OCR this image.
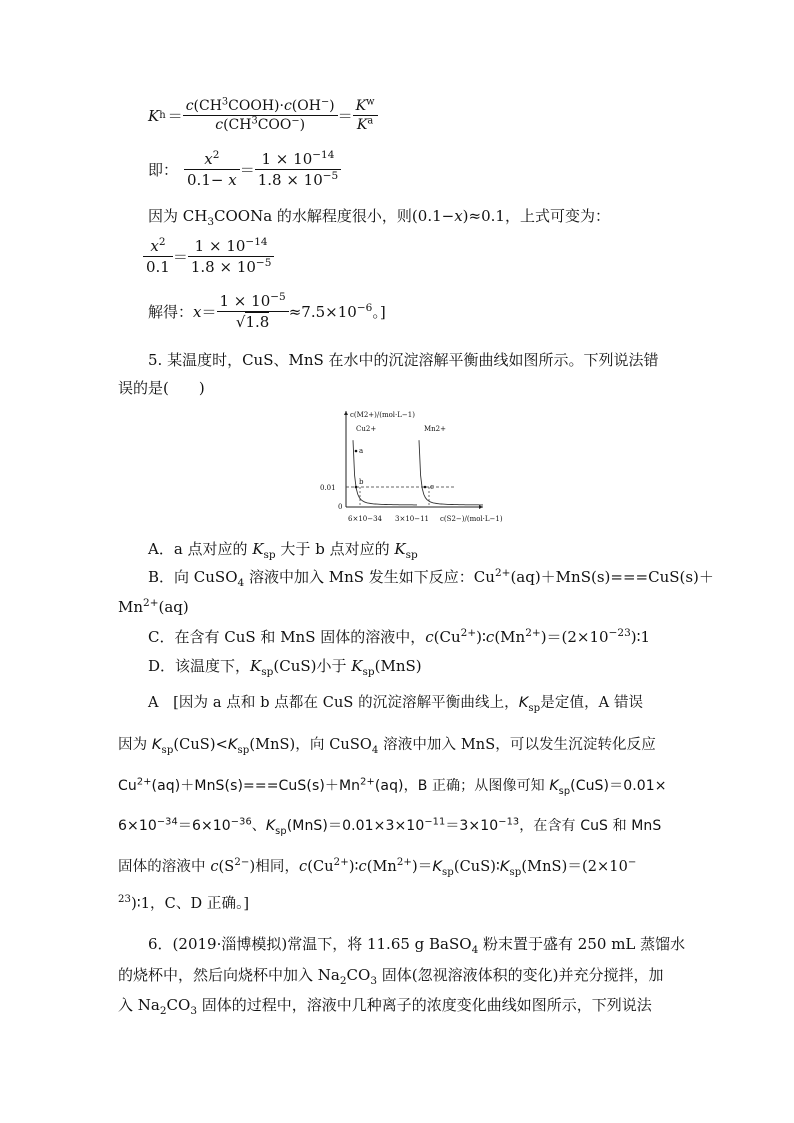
K $h = \frac{c(CH^3COOH)\cdot c(OH^-)}{c(CH^3COO^-)} = \frac{K^w}{K^a}$
即： $\frac{x^2}{0.1- x} = \frac{1 \times 10^{-14}}{1.8 \times 10^{-5}}$
因为 $CH_3COONa$ 的水解程度很小，则(0.1−x)≈0.1，上式可变为：
$\frac{x^2}{0.1} = \frac{1 \times 10^{-14}}{1.8 \times 10^{-5}}$
解得：$x= \frac{1 \times 10^{-5}}{√1.8} \approx 7.5\times 10^{-6}$。]
5. 某温度时，CuS、MnS 在水中的沉淀溶解平衡曲线如图所示。下列说法错
误的是(　　)
c(M2+)/(mol·L−1)
c(S2−)/(mol·L−1)
0
0.01
6×10−34 3×10−11
Cu2+	Mn2+
a
b
c
A．a 点对应的 $K_{sp}$ 大于 b 点对应的 $K_{sp}$
B．向 CuSO$_4$ 溶液中加入 MnS 发生如下反应：$Cu^{2+}(aq)+MnS(s)===CuS(s)+$
$Mn^{2+}(aq)$
C．在含有 CuS 和 MnS 固体的溶液中，$c(Cu^{2+})∶c(Mn^{2+})=(2\times 10^{-23})∶1$
D．该温度下，$K_{sp}(CuS)$小于 $K_{sp}(MnS)$
A　[因为 a 点和 b 点都在 CuS 的沉淀溶解平衡曲线上，$K_{sp}$是定值，A 错误
因为 $K_{sp}(CuS)<K_{sp}(MnS)$，向 CuSO$_4$ 溶液中加入 MnS，可以发生沉淀转化反应
$Cu^{2+}(aq)+MnS(s)===CuS(s)+Mn^{2+}(aq)$，B 正确；从图像可知 $K_{sp}(CuS)=0.01\times$
$6\times 10^{-34}=6\times 10^{-36}$、$K_{sp}(MnS)=0.01\times 3\times 10^{-11}=3\times 10^{-13}$，在含有 CuS 和 MnS
固体的溶液中 $c(S^{2-})$相同，$c(Cu^{2+})∶c(Mn^{2+})=K_{sp}(CuS)∶K_{sp}(MnS)=(2\times 10^-$
$^{23}$)∶1，C、D 正确。]
6．(2019·淄博模拟)常温下，将 11.65 g BaSO$_4$ 粉末置于盛有 250 mL 蒸馏水
的烧杯中，然后向烧杯中加入 $Na_2CO_3$ 固体(忽视溶液体积的变化)并充分搅拌，加
入 $Na_2CO_3$ 固体的过程中，溶液中几种离子的浓度变化曲线如图所示，下列说法
